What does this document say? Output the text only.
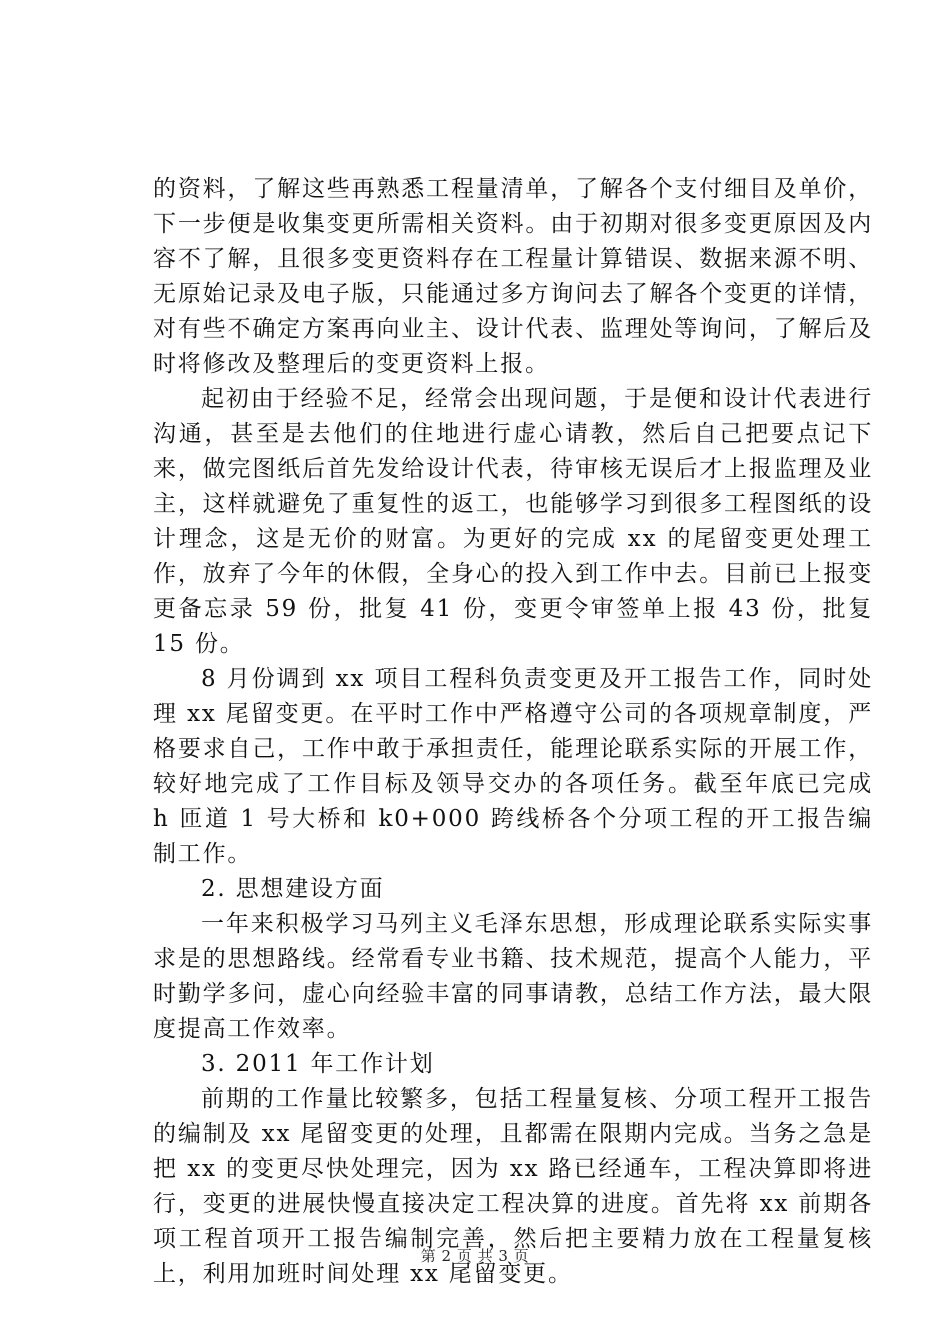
的资料，了解这些再熟悉工程量清单，了解各个支付细目及单价，下一步便是收集变更所需相关资料。由于初期对很多变更原因及内容不了解，且很多变更资料存在工程量计算错误、数据来源不明、无原始记录及电子版，只能通过多方询问去了解各个变更的详情，对有些不确定方案再向业主、设计代表、监理处等询问，了解后及时将修改及整理后的变更资料上报。

起初由于经验不足，经常会出现问题，于是便和设计代表进行沟通，甚至是去他们的住地进行虚心请教，然后自己把要点记下来，做完图纸后首先发给设计代表，待审核无误后才上报监理及业主，这样就避免了重复性的返工，也能够学习到很多工程图纸的设计理念，这是无价的财富。为更好的完成 xx 的尾留变更处理工作，放弃了今年的休假，全身心的投入到工作中去。目前已上报变更备忘录 59 份，批复 41 份，变更令审签单上报 43 份，批复 15 份。

8 月份调到 xx 项目工程科负责变更及开工报告工作，同时处理 xx 尾留变更。在平时工作中严格遵守公司的各项规章制度，严格要求自己，工作中敢于承担责任，能理论联系实际的开展工作，较好地完成了工作目标及领导交办的各项任务。截至年底已完成 h 匝道 1 号大桥和 k0+000 跨线桥各个分项工程的开工报告编制工作。

2. 思想建设方面

一年来积极学习马列主义毛泽东思想，形成理论联系实际实事求是的思想路线。经常看专业书籍、技术规范，提高个人能力，平时勤学多问，虚心向经验丰富的同事请教，总结工作方法，最大限度提高工作效率。

3. 2011 年工作计划

前期的工作量比较繁多，包括工程量复核、分项工程开工报告的编制及 xx 尾留变更的处理，且都需在限期内完成。当务之急是把 xx 的变更尽快处理完，因为 xx 路已经通车，工程决算即将进行，变更的进展快慢直接决定工程决算的进度。首先将 xx 前期各项工程首项开工报告编制完善，然后把主要精力放在工程量复核上，利用加班时间处理 xx 尾留变更。

第 2 页 共 3 页
